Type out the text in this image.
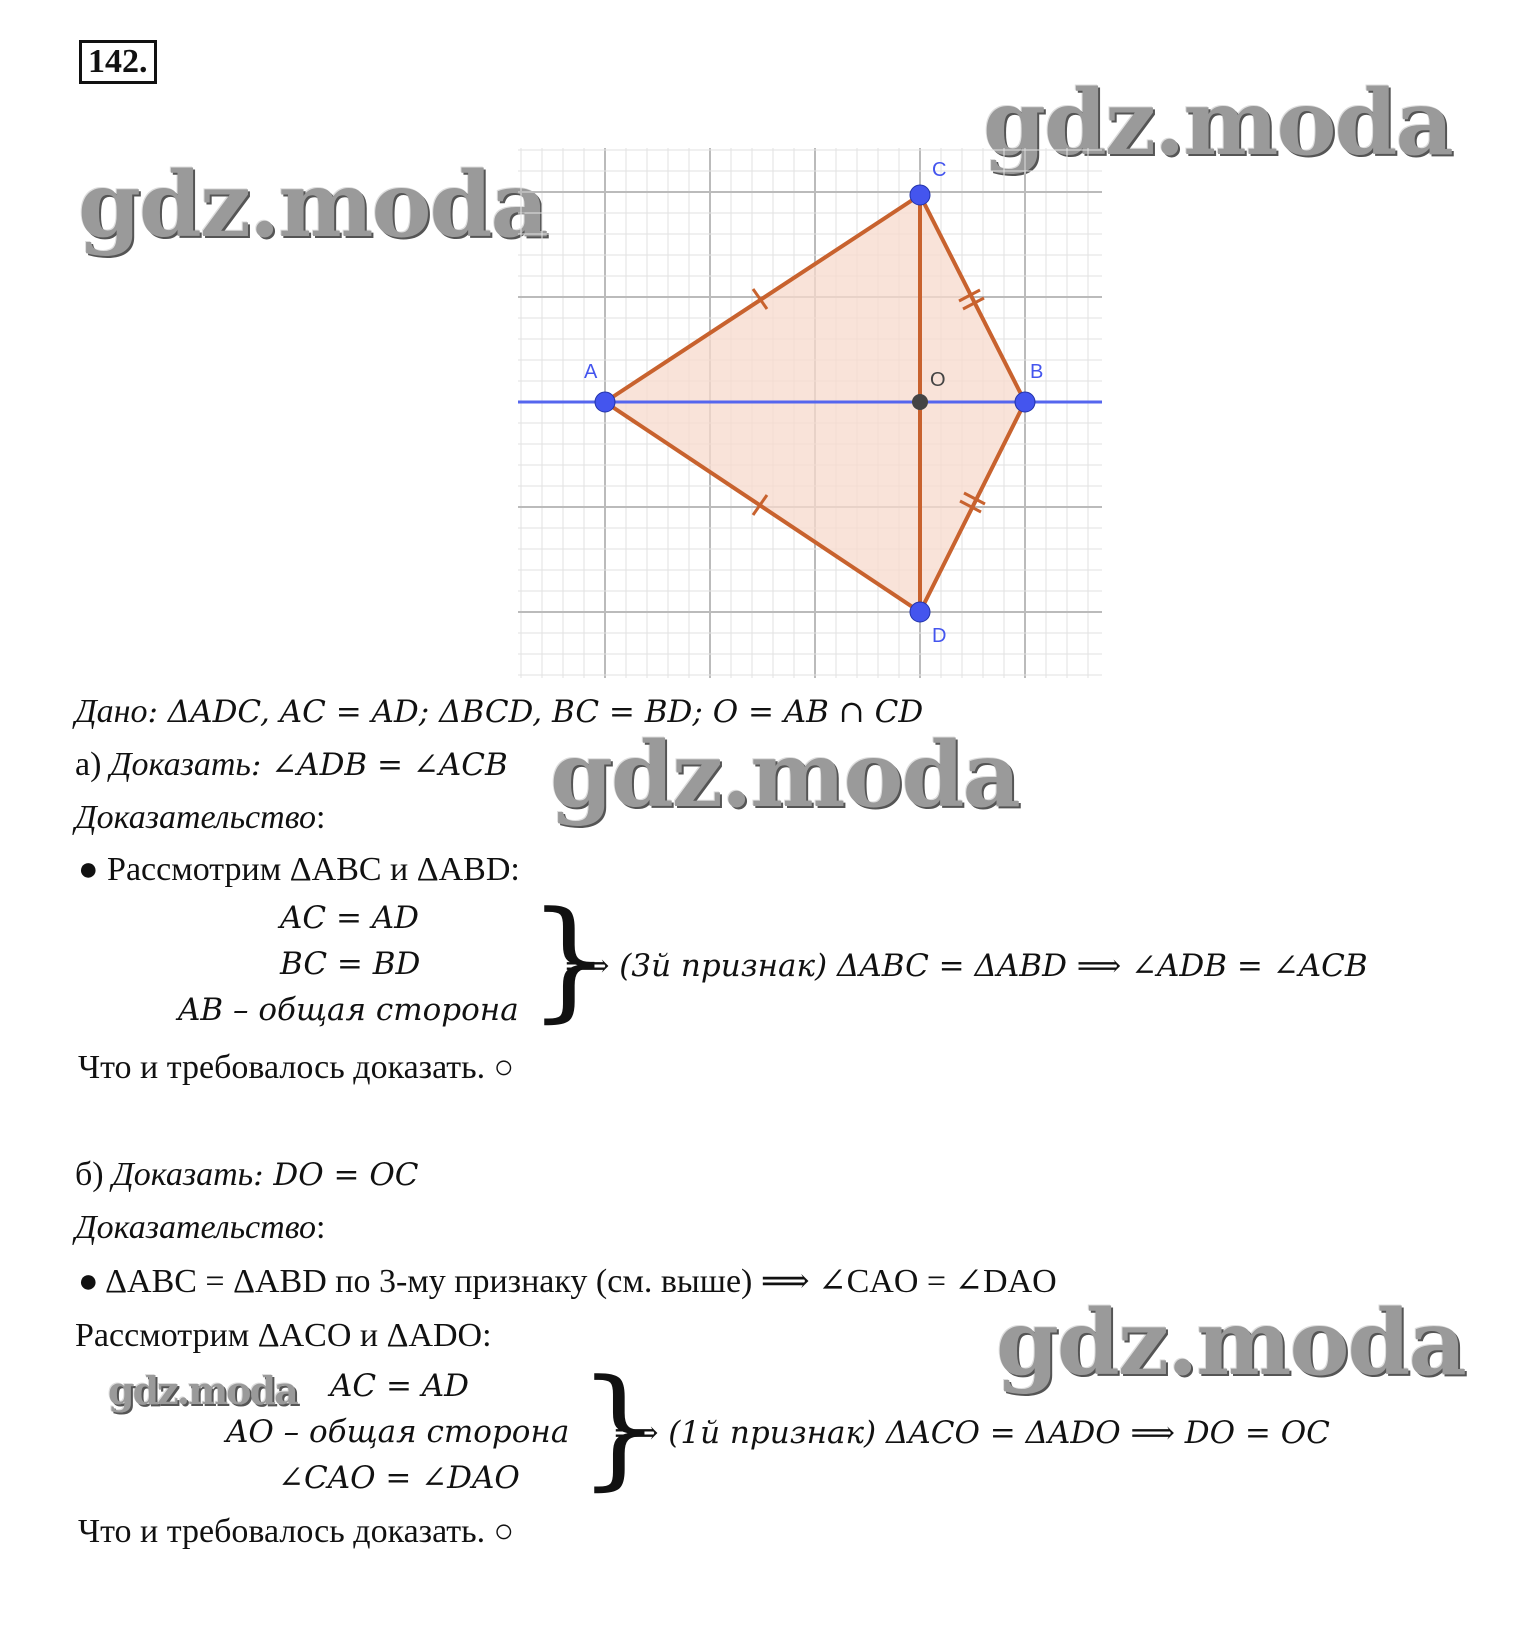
142.
gdz.moda
gdz.moda
gdz.moda
gdz.moda
gdz.moda
A	B
C
D
O
Дано: ΔADC, AC = AD; ΔBCD, BC = BD; O = AB ∩ CD
а) Доказать: ∠ADB = ∠ACB
Доказательство:
● Рассмотрим ΔABC и ΔABD:
AC = AD
BC = BD
AB – общая сторона }
⟹ (3й признак) ΔABC = ΔABD ⟹ ∠ADB = ∠ACB
Что и требовалось доказать. ○
б) Доказать: DO = OC
Доказательство:
● ΔABC = ΔABD по 3-му признаку (см. выше) ⟹ ∠CAO = ∠DAO
Рассмотрим ΔACO и ΔADO:
AC = AD
AO – общая сторона
∠CAO = ∠DAO }
⟹ (1й признак) ΔACO = ΔADO ⟹ DO = OC
Что и требовалось доказать. ○
